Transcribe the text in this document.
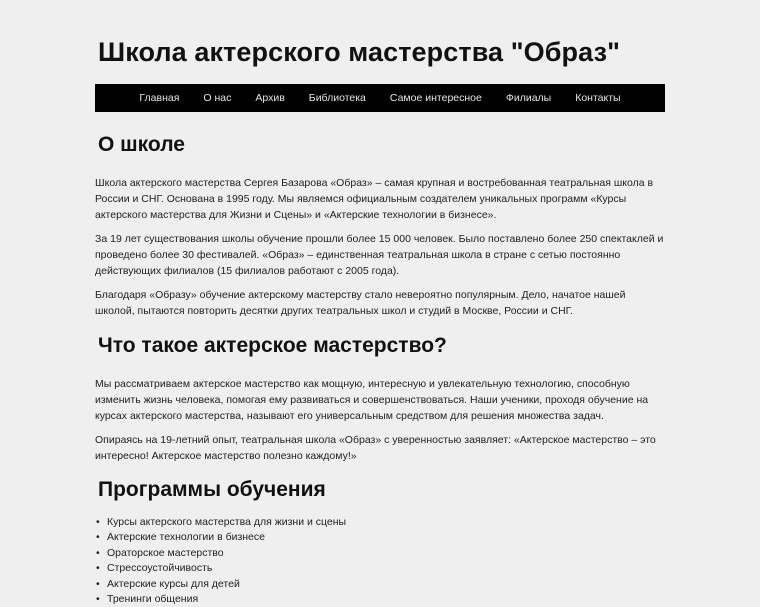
Школа актерского мастерства "Образ"
Главная	О нас	Архив	Библиотека	Самое интересное	Филиалы	Контакты
О школе

Школа актерского мастерства Сергея Базарова «Образ» – самая крупная и востребованная театральная школа в России и СНГ. Основана в 1995 году. Мы являемся официальным создателем уникальных программ «Курсы актерского мастерства для Жизни и Сцены» и «Актерские технологии в бизнесе».

За 19 лет существования школы обучение прошли более 15 000 человек. Было поставлено более 250 спектаклей и проведено более 30 фестивалей. «Образ» – единственная театральная школа в стране с сетью постоянно действующих филиалов (15 филиалов работают с 2005 года).

Благодаря «Образу» обучение актерскому мастерству стало невероятно популярным. Дело, начатое нашей школой, пытаются повторить десятки других театральных школ и студий в Москве, России и СНГ.

Что такое актерское мастерство?

Мы рассматриваем актерское мастерство как мощную, интересную и увлекательную технологию, способную изменить жизнь человека, помогая ему развиваться и совершенствоваться. Наши ученики, проходя обучение на курсах актерского мастерства, называют его универсальным средством для решения множества задач.

Опираясь на 19-летний опыт, театральная школа «Образ» с уверенностью заявляет: «Актерское мастерство – это интересно! Актерское мастерство полезно каждому!»

Программы обучения
• Курсы актерского мастерства для жизни и сцены
• Актерские технологии в бизнесе
• Ораторское мастерство
• Стрессоустойчивость
• Актерские курсы для детей
• Тренинги общения
